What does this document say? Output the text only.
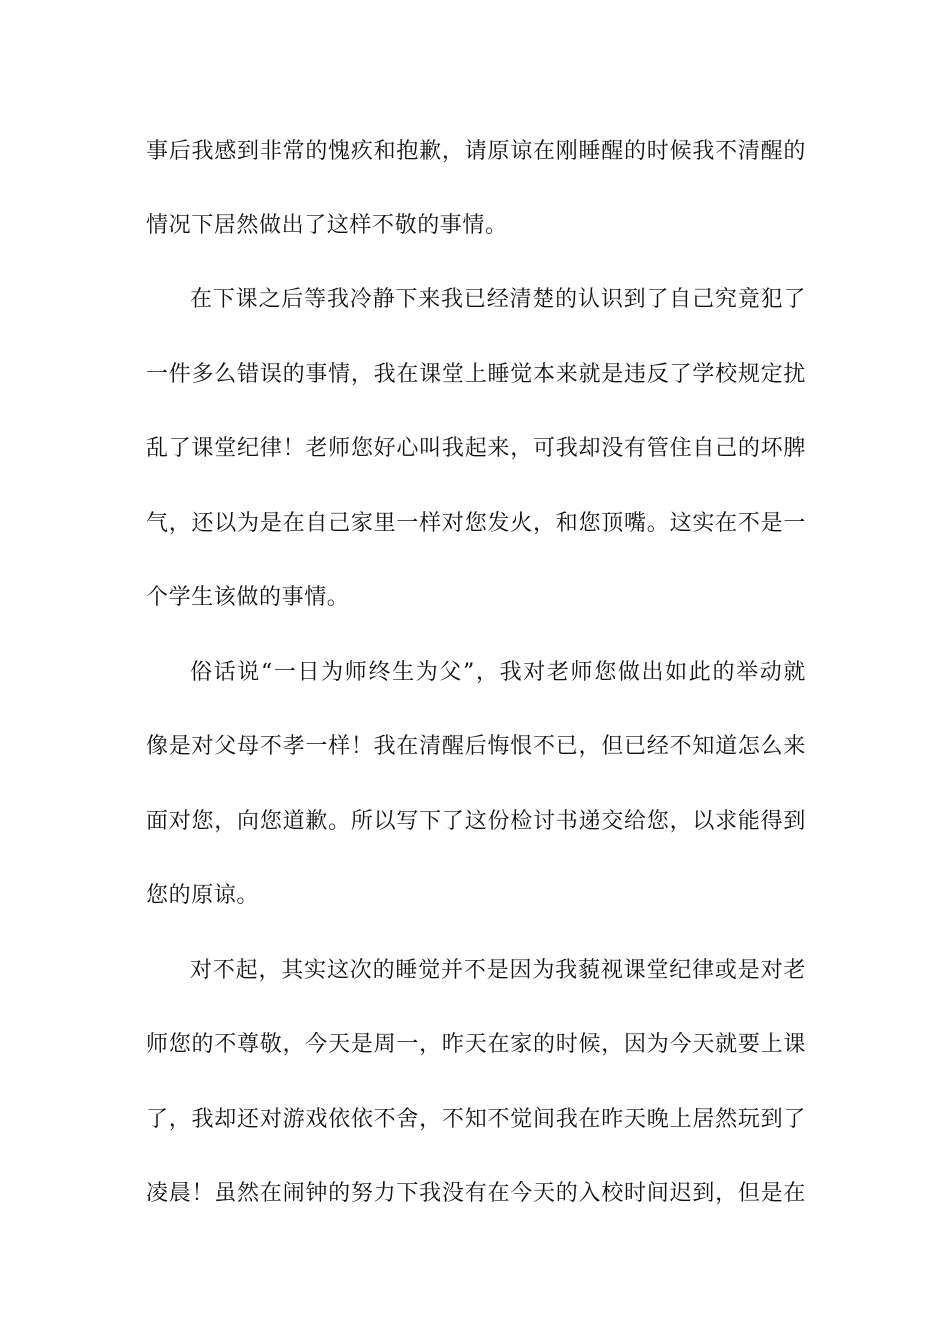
事后我感到非常的愧疚和抱歉，请原谅在刚睡醒的时候我不清醒的
情况下居然做出了这样不敬的事情。
在下课之后等我冷静下来我已经清楚的认识到了自己究竟犯了
一件多么错误的事情，我在课堂上睡觉本来就是违反了学校规定扰
乱了课堂纪律！老师您好心叫我起来，可我却没有管住自己的坏脾
气，还以为是在自己家里一样对您发火，和您顶嘴。这实在不是一
个学生该做的事情。
俗话说“一日为师终生为父”，我对老师您做出如此的举动就
像是对父母不孝一样！我在清醒后悔恨不已，但已经不知道怎么来
面对您，向您道歉。所以写下了这份检讨书递交给您，以求能得到
您的原谅。
对不起，其实这次的睡觉并不是因为我藐视课堂纪律或是对老
师您的不尊敬，今天是周一，昨天在家的时候，因为今天就要上课
了，我却还对游戏依依不舍，不知不觉间我在昨天晚上居然玩到了
凌晨！虽然在闹钟的努力下我没有在今天的入校时间迟到，但是在
